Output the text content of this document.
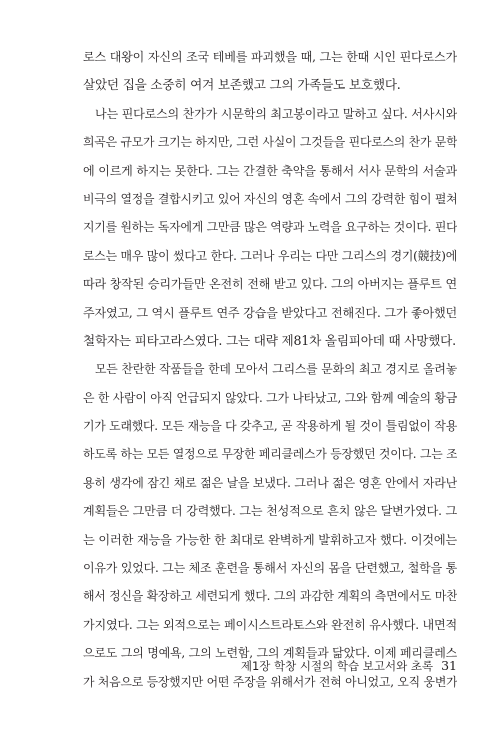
로스 대왕이 자신의 조국 테베를 파괴했을 때, 그는 한때 시인 핀다로스가
살았던 집을 소중히 여겨 보존했고 그의 가족들도 보호했다.
나는 핀다로스의 찬가가 시문학의 최고봉이라고 말하고 싶다. 서사시와
희곡은 규모가 크기는 하지만, 그런 사실이 그것들을 핀다로스의 찬가 문학
에 이르게 하지는 못한다. 그는 간결한 축약을 통해서 서사 문학의 서술과
비극의 열정을 결합시키고 있어 자신의 영혼 속에서 그의 강력한 힘이 펼쳐
지기를 원하는 독자에게 그만큼 많은 역량과 노력을 요구하는 것이다. 핀다
로스는 매우 많이 썼다고 한다. 그러나 우리는 다만 그리스의 경기(競技)에
따라 창작된 승리가들만 온전히 전해 받고 있다. 그의 아버지는 플루트 연
주자였고, 그 역시 플루트 연주 강습을 받았다고 전해진다. 그가 좋아했던
철학자는 피타고라스였다. 그는 대략 제81차 올림피아데 때 사망했다.
모든 찬란한 작품들을 한데 모아서 그리스를 문화의 최고 경지로 올려놓
은 한 사람이 아직 언급되지 않았다. 그가 나타났고, 그와 함께 예술의 황금
기가 도래했다. 모든 재능을 다 갖추고, 곧 작용하게 될 것이 틀림없이 작용
하도록 하는 모든 열정으로 무장한 페리클레스가 등장했던 것이다. 그는 조
용히 생각에 잠긴 채로 젊은 날을 보냈다. 그러나 젊은 영혼 안에서 자라난
계획들은 그만큼 더 강력했다. 그는 천성적으로 흔치 않은 달변가였다. 그
는 이러한 재능을 가능한 한 최대로 완벽하게 발휘하고자 했다. 이것에는
이유가 있었다. 그는 체조 훈련을 통해서 자신의 몸을 단련했고, 철학을 통
해서 정신을 확장하고 세련되게 했다. 그의 과감한 계획의 측면에서도 마찬
가지였다. 그는 외적으로는 페이시스트라토스와 완전히 유사했다. 내면적
으로도 그의 명예욕, 그의 노련함, 그의 계획들과 닮았다. 이제 페리클레스
가 처음으로 등장했지만 어떤 주장을 위해서가 전혀 아니었고, 오직 웅변가
제1장 학창 시절의 학습 보고서와 초록 31
